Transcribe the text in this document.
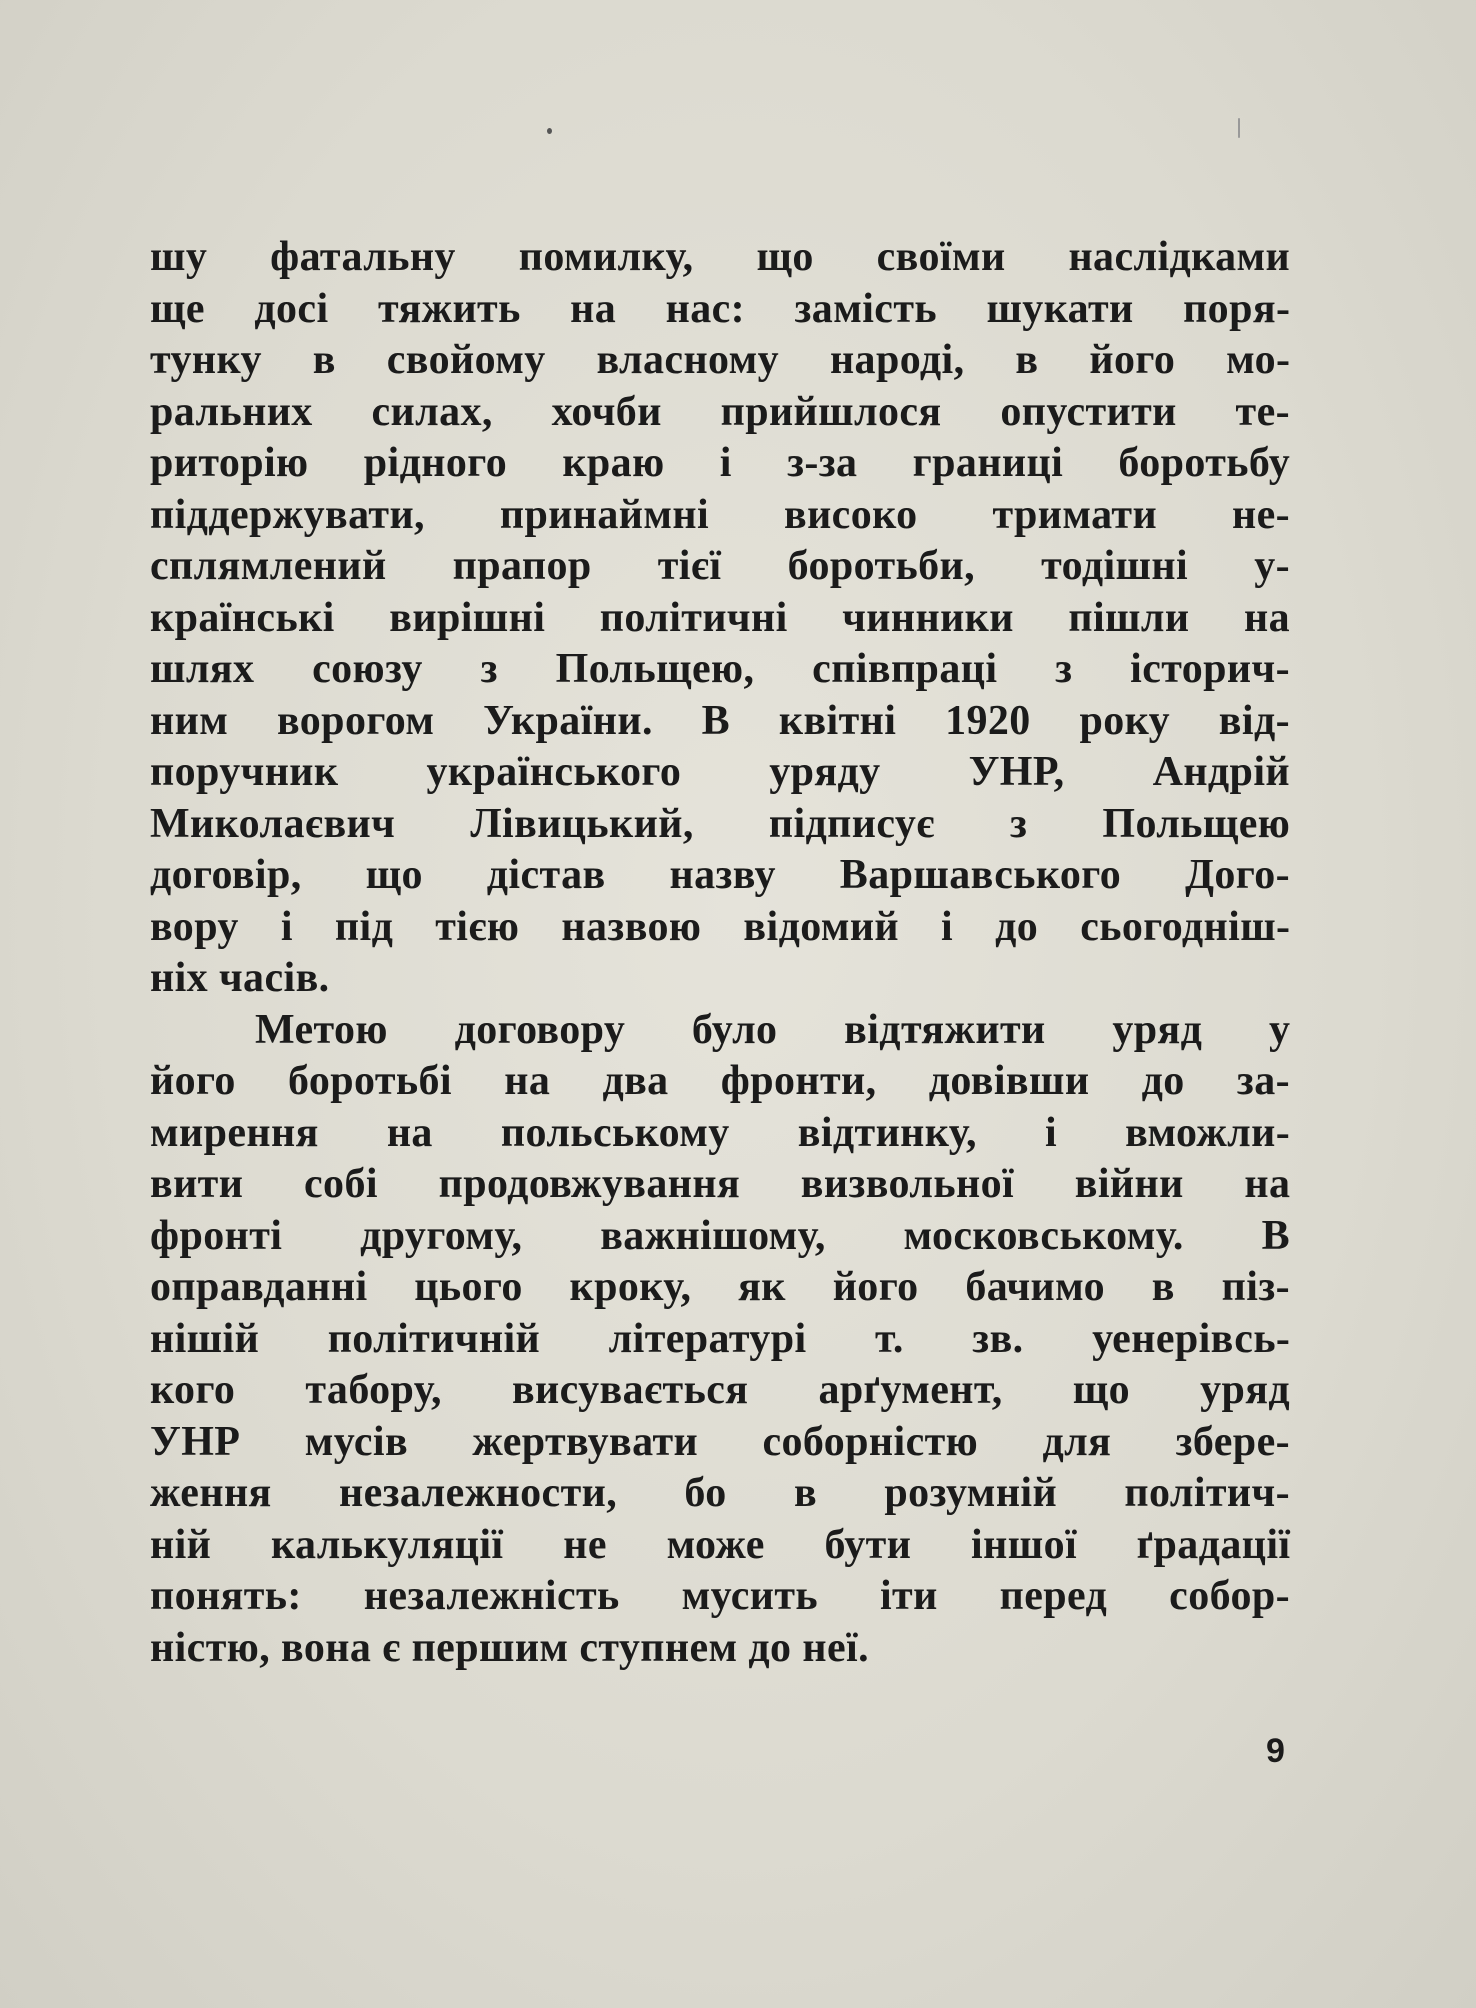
шу фатальну помилку, що своїми наслідками
ще досі тяжить на нас: замість шукати поря-
тунку в свойому власному народі, в його мо-
ральних силах, хочби прийшлося опустити те-
риторію рідного краю і з-за границі боротьбу
піддержувати, принаймні високо тримати не-
сплямлений прапор тієї боротьби, тодішні у-
країнські вирішні політичні чинники пішли на
шлях союзу з Польщею, співпраці з історич-
ним ворогом України. В квітні 1920 року від-
поручник українського уряду УНР, Андрій
Миколаєвич Лівицький, підписує з Польщею
договір, що дістав назву Варшавського Дого-
вору і під тією назвою відомий і до сьогодніш-
ніх часів.

Метою договору було відтяжити уряд у
його боротьбі на два фронти, довівши до за-
мирення на польському відтинку, і вможли-
вити собі продовжування визвольної війни на
фронті другому, важнішому, московському. В
оправданні цього кроку, як його бачимо в піз-
нішій політичній літературі т. зв. уенерівсь-
кого табору, висувається арґумент, що уряд
УНР мусів жертвувати соборністю для збере-
ження незалежности, бо в розумній політич-
ній калькуляції не може бути іншої ґрадації
понять: незалежність мусить іти перед собор-
ністю, вона є першим ступнем до неї.

9
